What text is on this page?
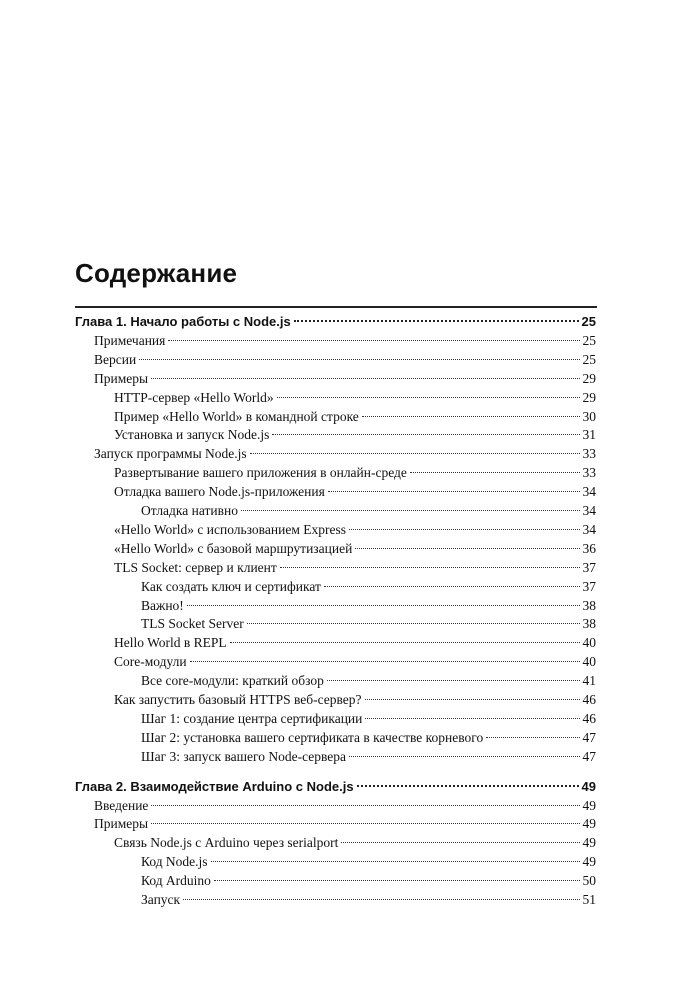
Содержание
Глава 1. Начало работы с Node.js	25
Примечания	25
Версии	25
Примеры	29
HTTP-сервер «Hello World»	29
Пример «Hello World» в командной строке	30
Установка и запуск Node.js	31
Запуск программы Node.js	33
Развертывание вашего приложения в онлайн-среде	33
Отладка вашего Node.js-приложения	34
Отладка нативно	34
«Hello World» с использованием Express	34
«Hello World» с базовой маршрутизацией	36
TLS Socket: сервер и клиент	37
Как создать ключ и сертификат	37
Важно!	38
TLS Socket Server	38
Hello World в REPL	40
Core-модули	40
Все core-модули: краткий обзор	41
Как запустить базовый HTTPS веб-сервер?	46
Шаг 1: создание центра сертификации	46
Шаг 2: установка вашего сертификата в качестве корневого	47
Шаг 3: запуск вашего Node-сервера	47
Глава 2. Взаимодействие Arduino с Node.js	49
Введение	49
Примеры	49
Связь Node.js с Arduino через serialport	49
Код Node.js	49
Код Arduino	50
Запуск	51
